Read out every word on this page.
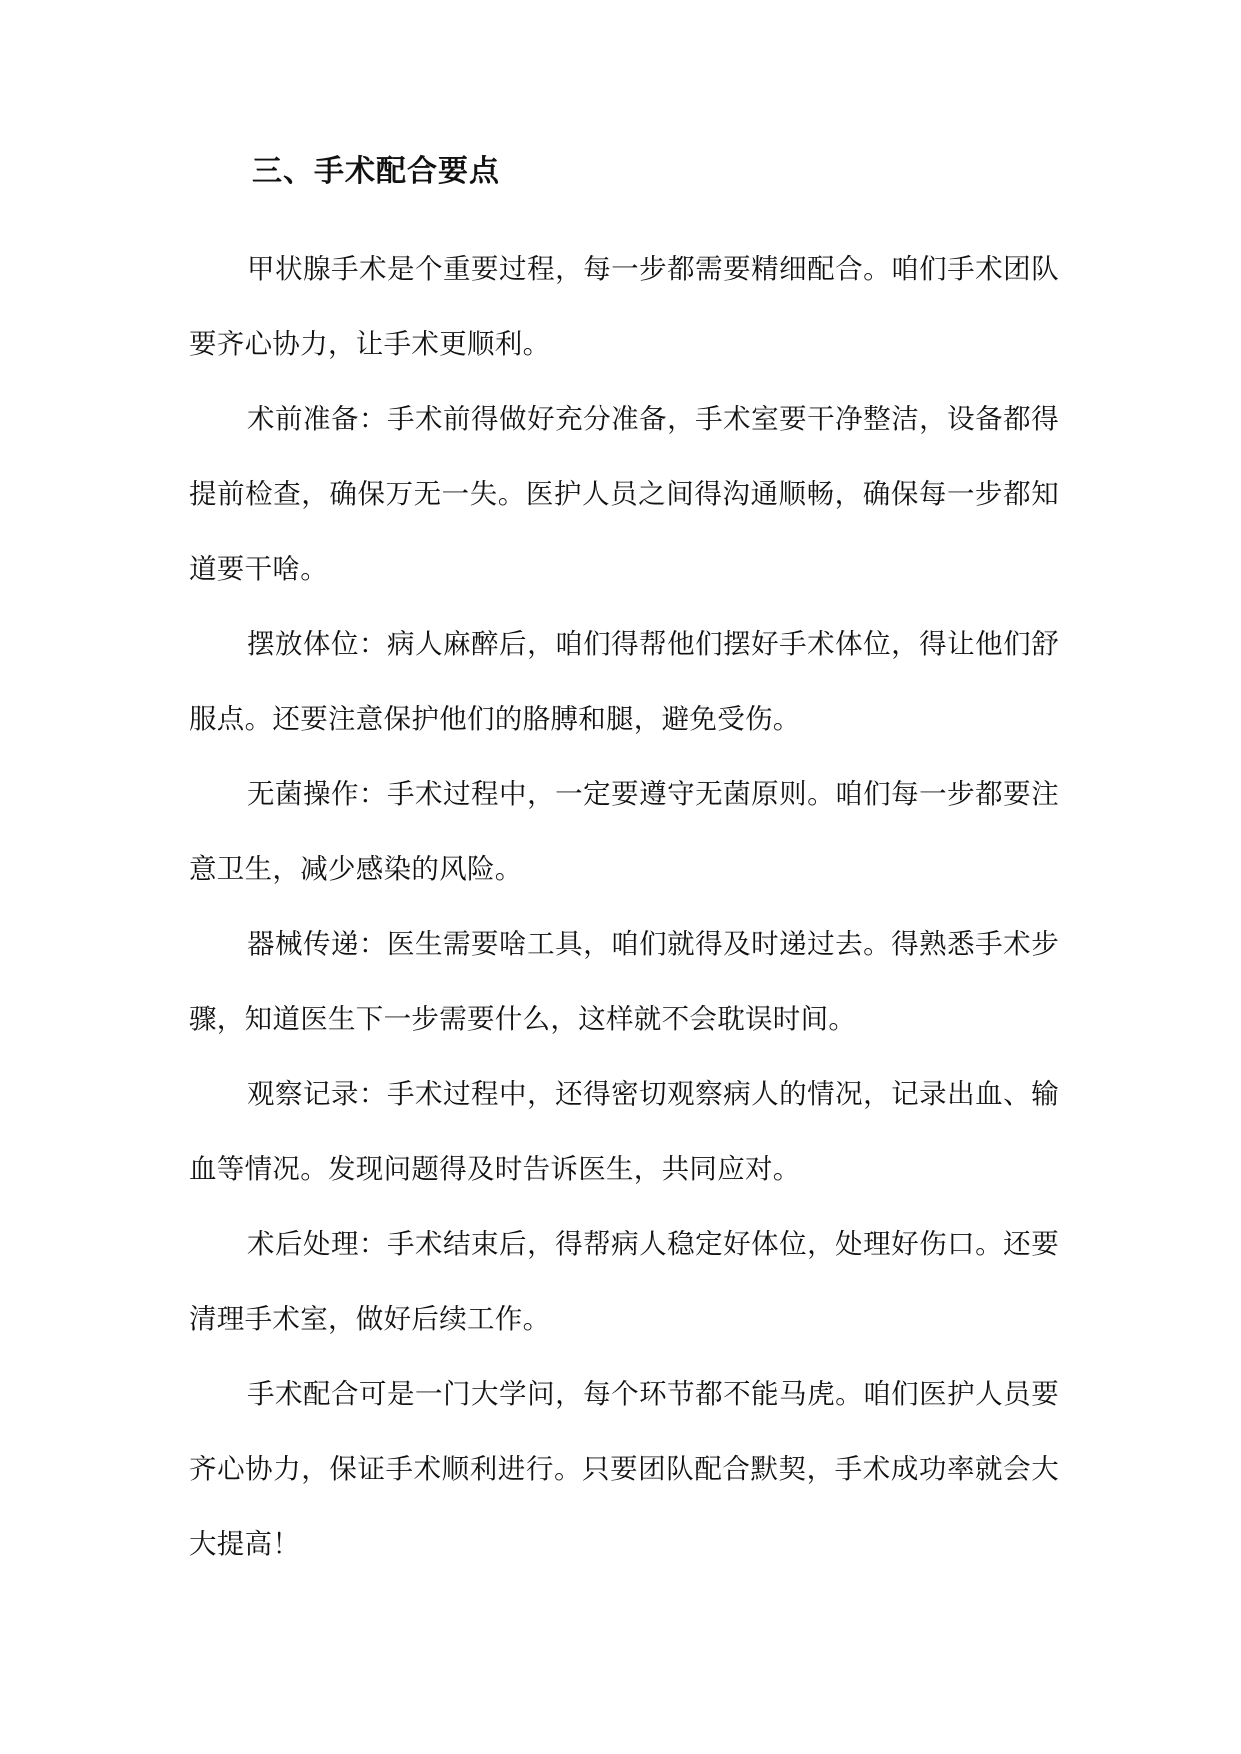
三、手术配合要点

甲状腺手术是个重要过程，每一步都需要精细配合。咱们手术团队要齐心协力，让手术更顺利。

术前准备：手术前得做好充分准备，手术室要干净整洁，设备都得提前检查，确保万无一失。医护人员之间得沟通顺畅，确保每一步都知道要干啥。

摆放体位：病人麻醉后，咱们得帮他们摆好手术体位，得让他们舒服点。还要注意保护他们的胳膊和腿，避免受伤。

无菌操作：手术过程中，一定要遵守无菌原则。咱们每一步都要注意卫生，减少感染的风险。

器械传递：医生需要啥工具，咱们就得及时递过去。得熟悉手术步骤，知道医生下一步需要什么，这样就不会耽误时间。

观察记录：手术过程中，还得密切观察病人的情况，记录出血、输血等情况。发现问题得及时告诉医生，共同应对。

术后处理：手术结束后，得帮病人稳定好体位，处理好伤口。还要清理手术室，做好后续工作。

手术配合可是一门大学问，每个环节都不能马虎。咱们医护人员要齐心协力，保证手术顺利进行。只要团队配合默契，手术成功率就会大大提高！
